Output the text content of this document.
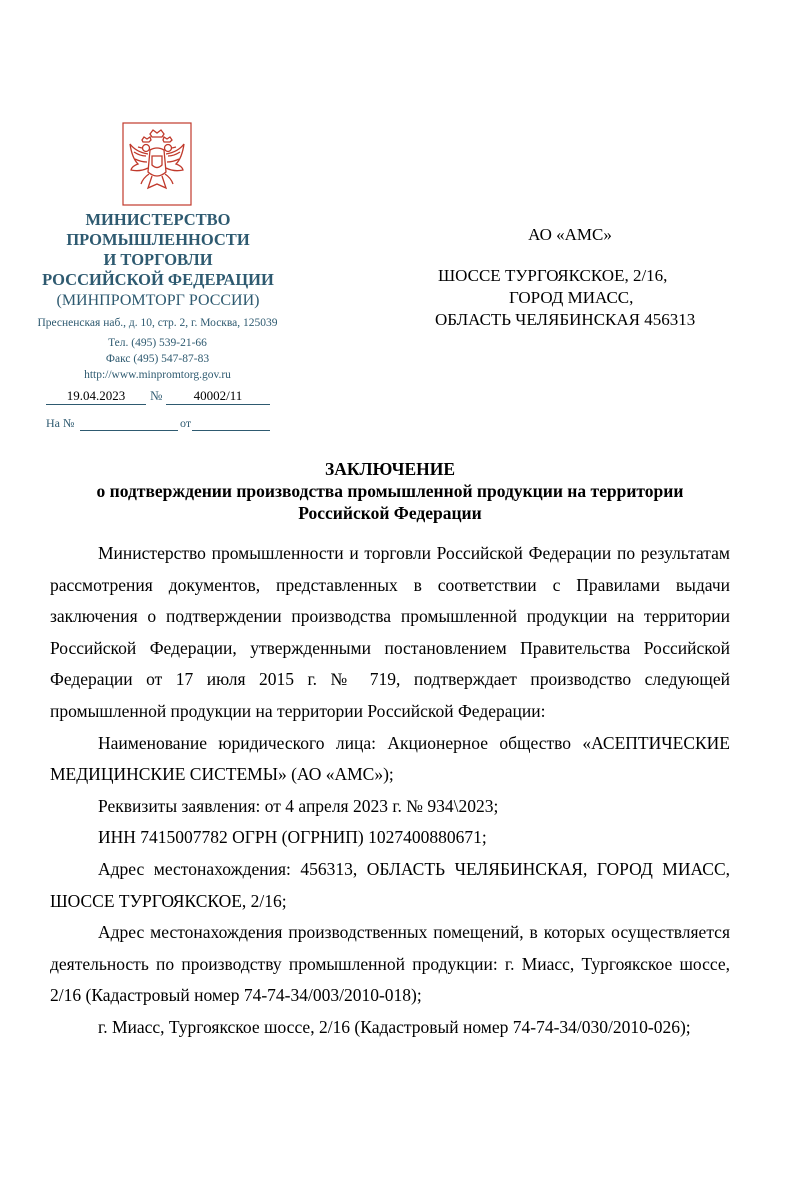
МИНИСТЕРСТВО
ПРОМЫШЛЕННОСТИ
И ТОРГОВЛИ
РОССИЙСКОЙ ФЕДЕРАЦИИ
(МИНПРОМТОРГ РОССИИ)
Пресненская наб., д. 10, стр. 2, г. Москва, 125039
Тел. (495) 539-21-66
Факс (495) 547-87-83
http://www.minpromtorg.gov.ru
19.04.2023	№	40002/11
На №	от
АО «АМС»
ШОССЕ ТУРГОЯКСКОЕ, 2/16,
ГОРОД МИАСС,
ОБЛАСТЬ ЧЕЛЯБИНСКАЯ 456313
ЗАКЛЮЧЕНИЕ
о подтверждении производства промышленной продукции на территории
Российской Федерации

Министерство промышленности и торговли Российской Федерации по результатам рассмотрения документов, представленных в соответствии с Правилами выдачи заключения о подтверждении производства промышленной продукции на территории Российской Федерации, утвержденными постановлением Правительства Российской Федерации от 17 июля 2015 г. № 719, подтверждает производство следующей промышленной продукции на территории Российской Федерации:

Наименование юридического лица: Акционерное общество «АСЕПТИЧЕСКИЕ МЕДИЦИНСКИЕ СИСТЕМЫ» (АО «АМС»);

Реквизиты заявления: от 4 апреля 2023 г. № 934\2023;

ИНН 7415007782 ОГРН (ОГРНИП) 1027400880671;

Адрес местонахождения: 456313, ОБЛАСТЬ ЧЕЛЯБИНСКАЯ, ГОРОД МИАСС, ШОССЕ ТУРГОЯКСКОЕ, 2/16;

Адрес местонахождения производственных помещений, в которых осуществляется деятельность по производству промышленной продукции: г. Миасс, Тургоякское шоссе, 2/16 (Кадастровый номер 74-74-34/003/2010-018);

г. Миасс, Тургоякское шоссе, 2/16 (Кадастровый номер 74-74-34/030/2010-026);
